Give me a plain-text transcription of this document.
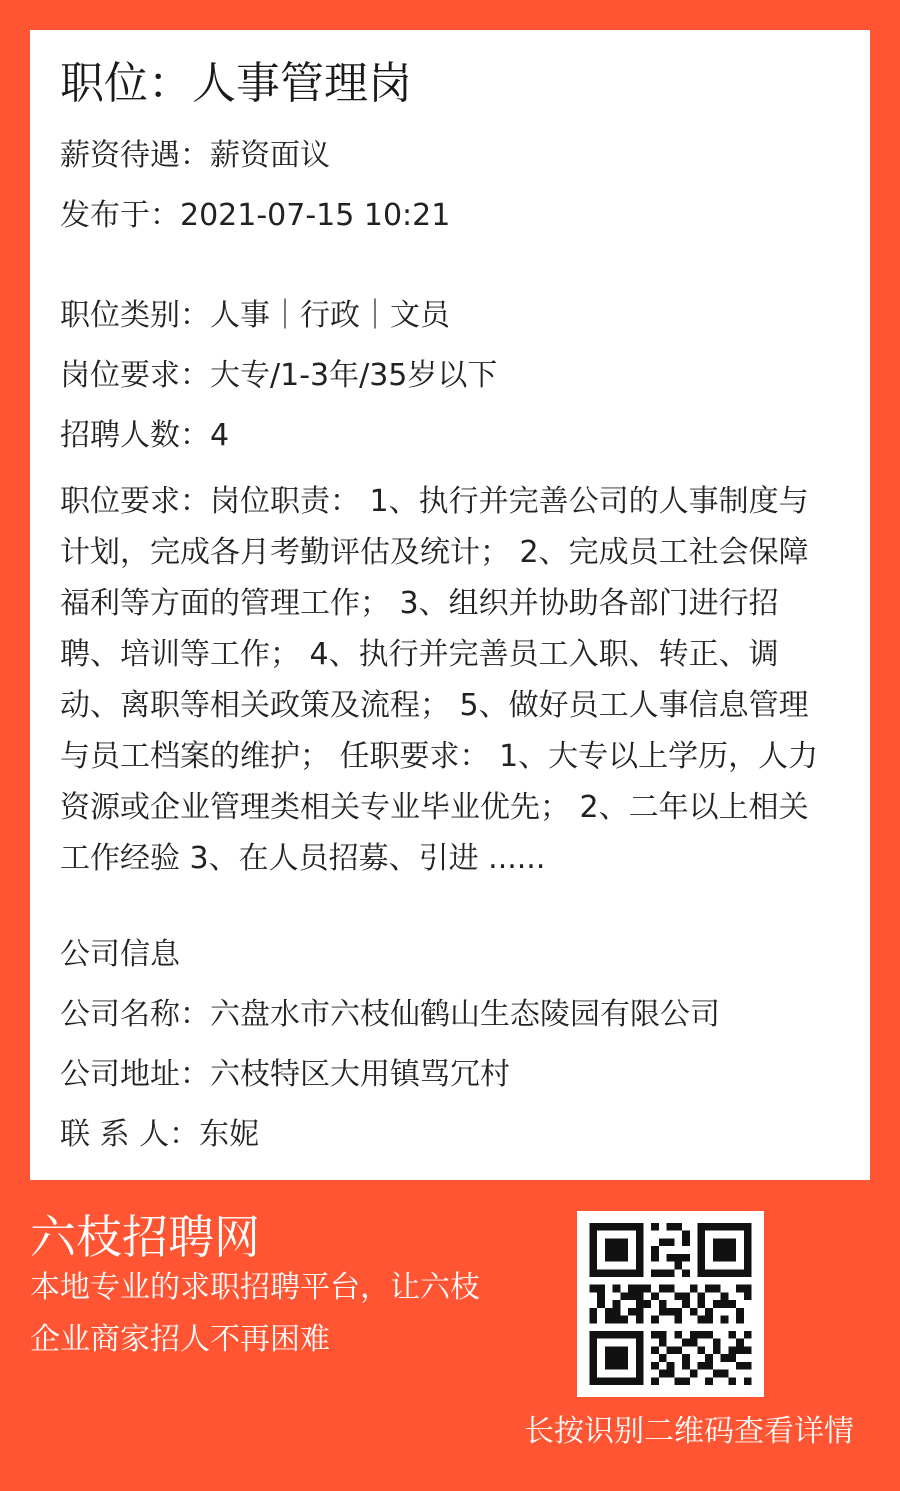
职位：人事管理岗
薪资待遇：薪资面议
发布于：2021-07-15 10:21
职位类别：人事｜行政｜文员
岗位要求：大专/1-3年/35岁以下
招聘人数：4
职位要求：岗位职责： 1、执行并完善公司的人事制度与计划，完成各月考勤评估及统计； 2、完成员工社会保障福利等方面的管理工作； 3、组织并协助各部门进行招聘、培训等工作； 4、执行并完善员工入职、转正、调动、离职等相关政策及流程； 5、做好员工人事信息管理与员工档案的维护； 任职要求： 1、大专以上学历，人力资源或企业管理类相关专业毕业优先； 2、二年以上相关工作经验 3、在人员招募、引进 ......
公司信息
公司名称：六盘水市六枝仙鹤山生态陵园有限公司
公司地址：六枝特区大用镇骂冗村
联 系 人：东妮
六枝招聘网
本地专业的求职招聘平台，让六枝企业商家招人不再困难
长按识别二维码查看详情
